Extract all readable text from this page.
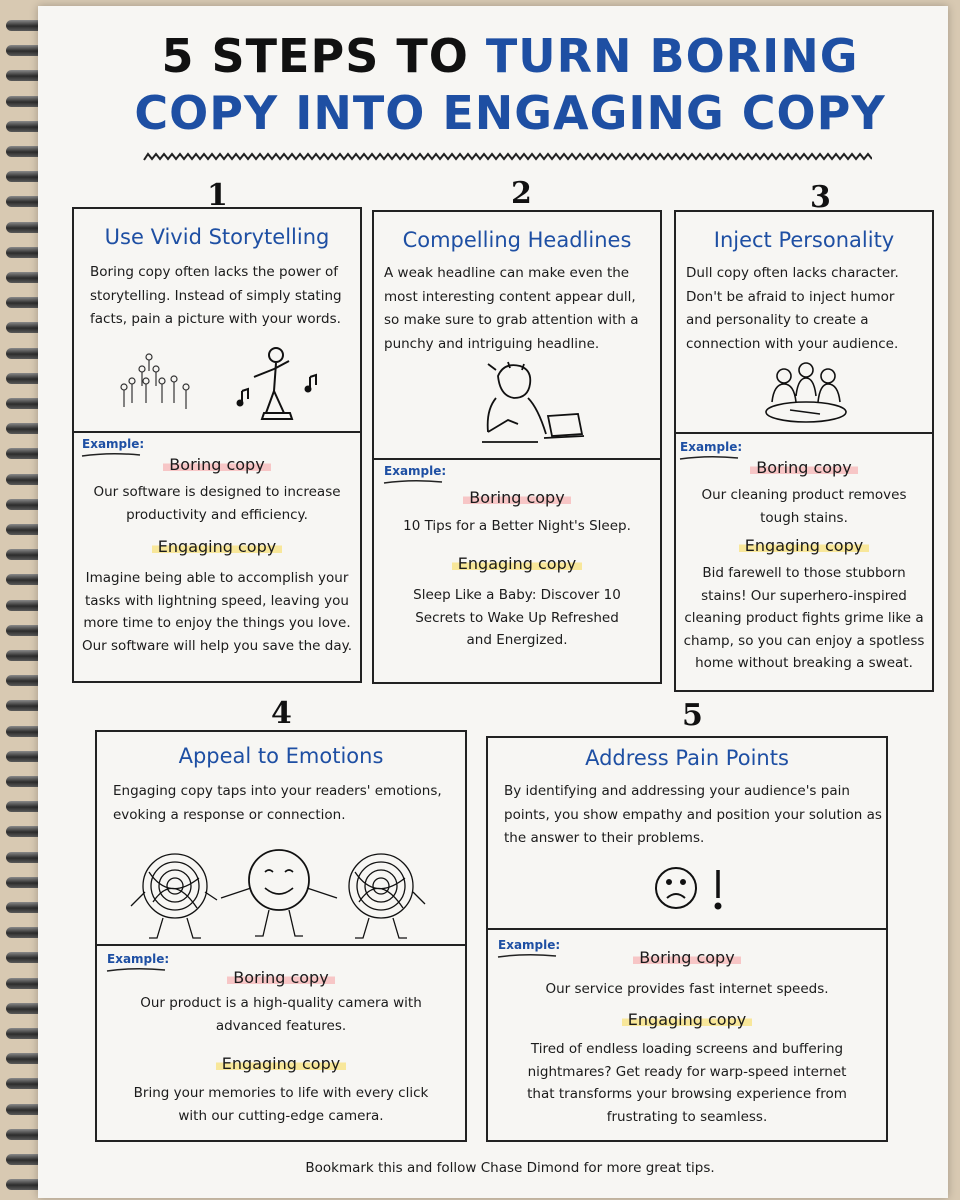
5 STEPS TO TURN BORING
COPY INTO ENGAGING COPY
1	2	3
4	5
Use Vivid Storytelling
Boring copy often lacks the power of
storytelling. Instead of simply stating
facts, pain a picture with your words.
Example:
Boring copy
Our software is designed to increase
productivity and efficiency.
Engaging copy
Imagine being able to accomplish your
tasks with lightning speed, leaving you
more time to enjoy the things you love.
Our software will help you save the day.
Compelling Headlines
A weak headline can make even the
most interesting content appear dull,
so make sure to grab attention with a
punchy and intriguing headline.
Example:
Boring copy
10 Tips for a Better Night's Sleep.
Engaging copy
Sleep Like a Baby: Discover 10
Secrets to Wake Up Refreshed
and Energized.
Inject Personality
Dull copy often lacks character.
Don't be afraid to inject humor
and personality to create a
connection with your audience.
Example:
Boring copy
Our cleaning product removes
tough stains.
Engaging copy
Bid farewell to those stubborn
stains! Our superhero-inspired
cleaning product fights grime like a
champ, so you can enjoy a spotless
home without breaking a sweat.
Appeal to Emotions
Engaging copy taps into your readers' emotions,
evoking a response or connection.
Example:
Boring copy
Our product is a high-quality camera with
advanced features.
Engaging copy
Bring your memories to life with every click
with our cutting-edge camera.
Address Pain Points
By identifying and addressing your audience's pain
points, you show empathy and position your solution as
the answer to their problems.
Example:
Boring copy
Our service provides fast internet speeds.
Engaging copy
Tired of endless loading screens and buffering
nightmares? Get ready for warp-speed internet
that transforms your browsing experience from
frustrating to seamless.
Bookmark this and follow Chase Dimond for more great tips.
